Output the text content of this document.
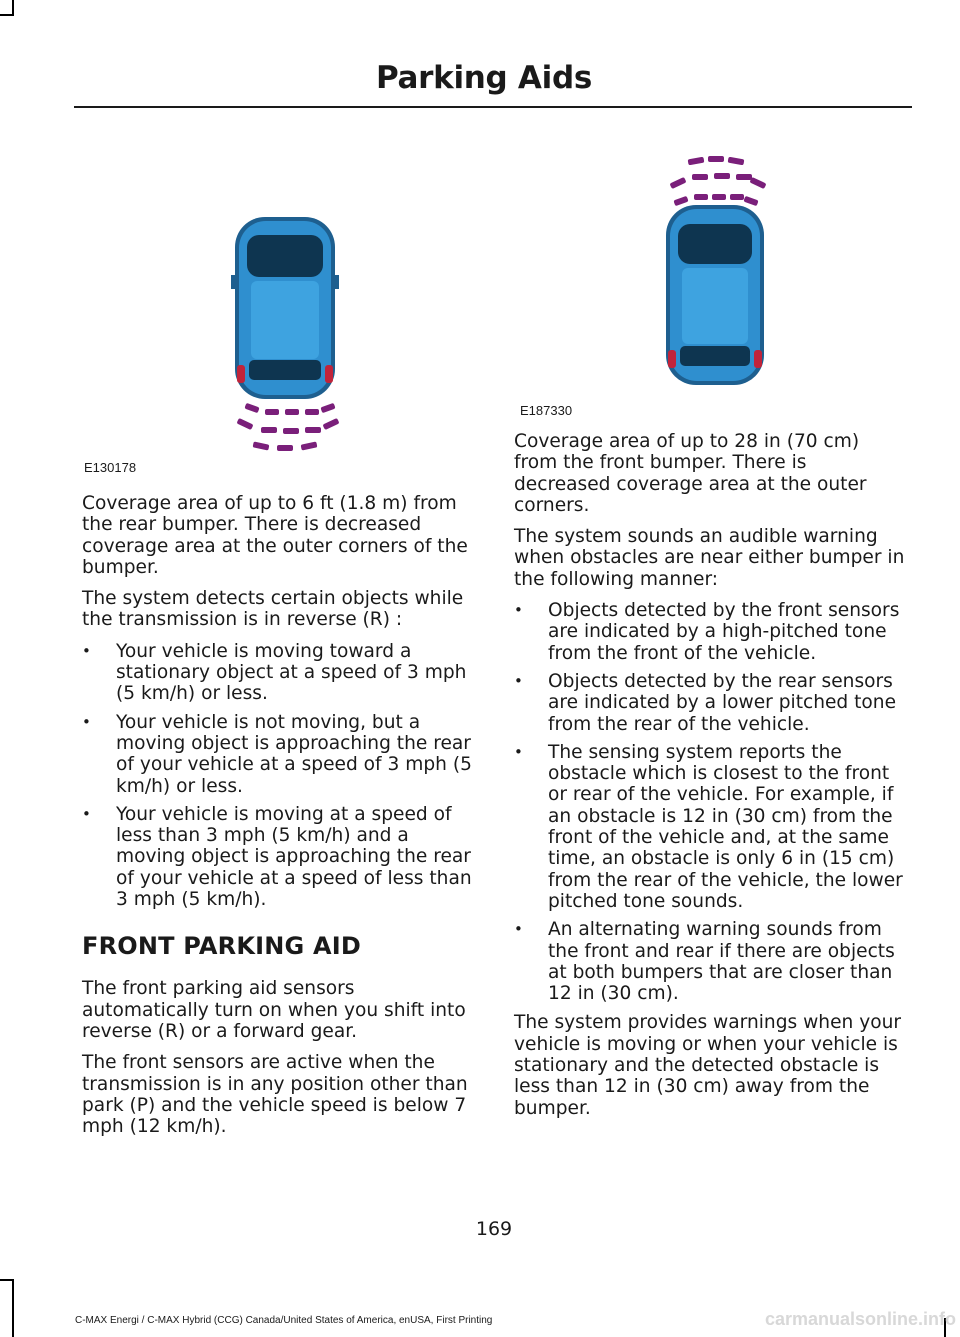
Parking Aids
E130178
E187330

Coverage area of up to 6 ft (1.8 m) from the rear bumper. There is decreased coverage area at the outer corners of the bumper.

The system detects certain objects while the transmission is in reverse (R) :

• Your vehicle is moving toward a stationary object at a speed of 3 mph (5 km/h) or less.
• Your vehicle is not moving, but a moving object is approaching the rear of your vehicle at a speed of 3 mph (5 km/h) or less.
• Your vehicle is moving at a speed of less than 3 mph (5 km/h) and a moving object is approaching the rear of your vehicle at a speed of less than 3 mph (5 km/h).
FRONT PARKING AID

The front parking aid sensors automatically turn on when you shift into reverse (R) or a forward gear.

The front sensors are active when the transmission is in any position other than park (P) and the vehicle speed is below 7 mph (12 km/h).

Coverage area of up to 28 in (70 cm) from the front bumper. There is decreased coverage area at the outer corners.

The system sounds an audible warning when obstacles are near either bumper in the following manner:

• Objects detected by the front sensors are indicated by a high-pitched tone from the front of the vehicle.
• Objects detected by the rear sensors are indicated by a lower pitched tone from the rear of the vehicle.
• The sensing system reports the obstacle which is closest to the front or rear of the vehicle. For example, if an obstacle is 12 in (30 cm) from the front of the vehicle and, at the same time, an obstacle is only 6 in (15 cm) from the rear of the vehicle, the lower pitched tone sounds.
• An alternating warning sounds from the front and rear if there are objects at both bumpers that are closer than 12 in (30 cm).

The system provides warnings when your vehicle is moving or when your vehicle is stationary and the detected obstacle is less than 12 in (30 cm) away from the bumper.

169
C-MAX Energi / C-MAX Hybrid (CCG) Canada/United States of America, enUSA, First Printing	carmanualsonline.info
